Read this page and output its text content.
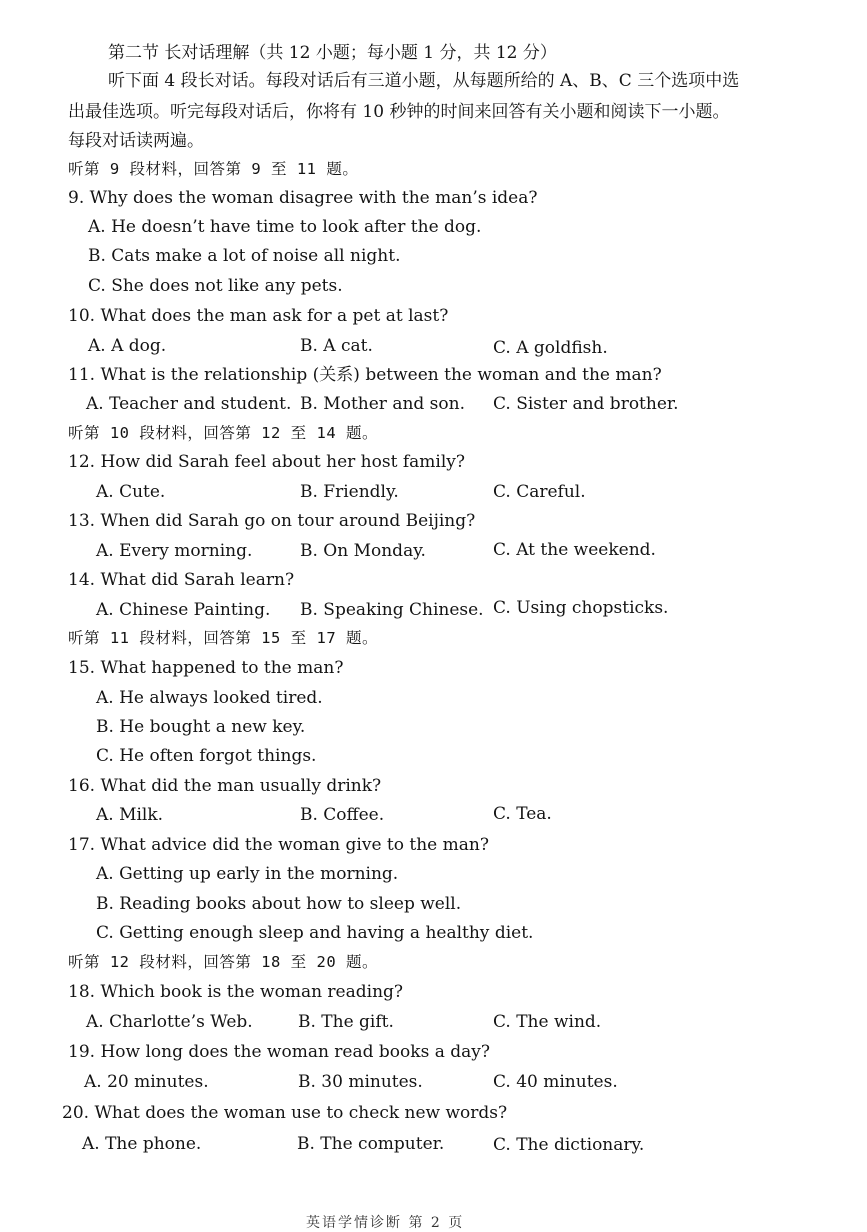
第二节 长对话理解（共 12 小题；每小题 1 分，共 12 分）
听下面 4 段长对话。每段对话后有三道小题，从每题所给的 A、B、C 三个选项中选
出最佳选项。听完每段对话后，你将有 10 秒钟的时间来回答有关小题和阅读下一小题。
每段对话读两遍。
听第 9 段材料，回答第 9 至 11 题。
9. Why does the woman disagree with the man’s idea?
A. He doesn’t have time to look after the dog.
B. Cats make a lot of noise all night.
C. She does not like any pets.
10. What does the man ask for a pet at last?
A. A dog.	B. A cat.	C. A goldfish.
11. What is the relationship (关系) between the woman and the man?
A. Teacher and student. B. Mother and son. C. Sister and brother.
听第 10 段材料，回答第 12 至 14 题。
12. How did Sarah feel about her host family?
A. Cute.	B. Friendly.	C. Careful.
13. When did Sarah go on tour around Beijing?
A. Every morning.	B. On Monday.	C. At the weekend.
14. What did Sarah learn?
A. Chinese Painting. B. Speaking Chinese. C. Using chopsticks.
听第 11 段材料，回答第 15 至 17 题。
15. What happened to the man?
A. He always looked tired.
B. He bought a new key.
C. He often forgot things.
16. What did the man usually drink?
A. Milk.	B. Coffee.	C. Tea.
17. What advice did the woman give to the man?
A. Getting up early in the morning.
B. Reading books about how to sleep well.
C. Getting enough sleep and having a healthy diet.
听第 12 段材料，回答第 18 至 20 题。
18. Which book is the woman reading?
A. Charlotte’s Web.	B. The gift.	C. The wind.
19. How long does the woman read books a day?
A. 20 minutes.	B. 30 minutes.	C. 40 minutes.
20. What does the woman use to check new words?
A. The phone.	B. The computer.	C. The dictionary.
英语学情诊断 第 2 页
